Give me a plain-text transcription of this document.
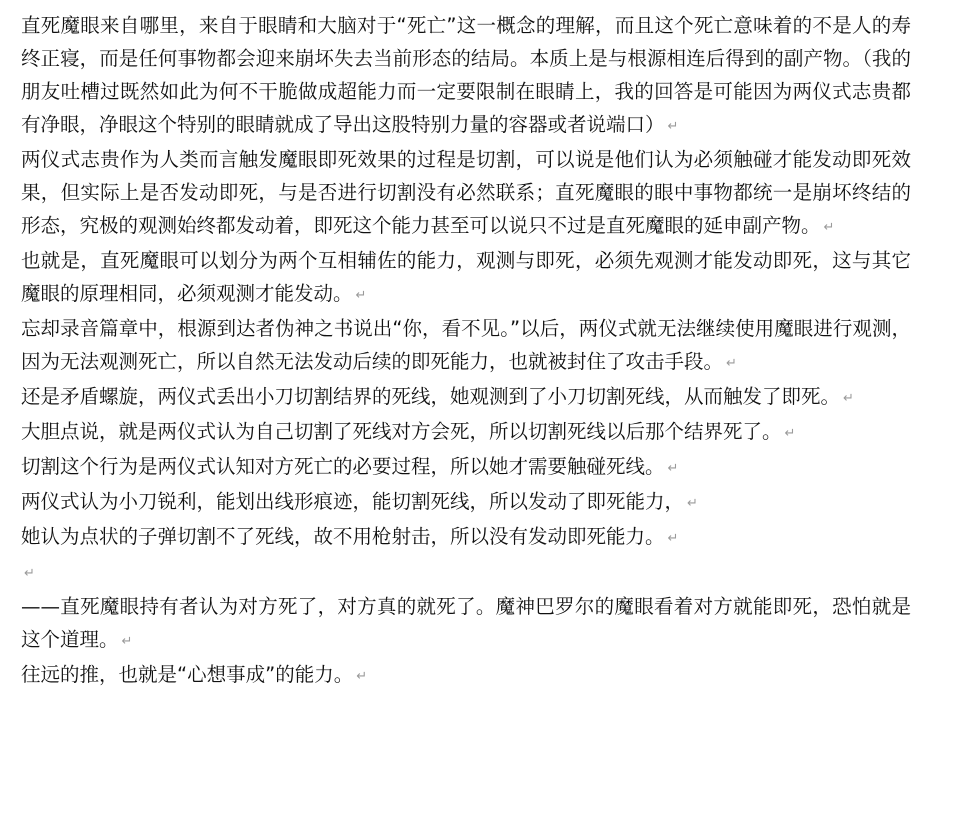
直死魔眼来自哪里，来自于眼睛和大脑对于“死亡”这一概念的理解，而且这个死亡意味着的不是人的寿终正寝，而是任何事物都会迎来崩坏失去当前形态的结局。本质上是与根源相连后得到的副产物。（我的朋友吐槽过既然如此为何不干脆做成超能力而一定要限制在眼睛上，我的回答是可能因为两仪式志贵都有净眼，净眼这个特别的眼睛就成了导出这股特别力量的容器或者说端口） ↵

两仪式志贵作为人类而言触发魔眼即死效果的过程是切割，可以说是他们认为必须触碰才能发动即死效果，但实际上是否发动即死，与是否进行切割没有必然联系；直死魔眼的眼中事物都统一是崩坏终结的形态，究极的观测始终都发动着，即死这个能力甚至可以说只不过是直死魔眼的延申副产物。 ↵

也就是，直死魔眼可以划分为两个互相辅佐的能力，观测与即死，必须先观测才能发动即死，这与其它魔眼的原理相同，必须观测才能发动。 ↵

忘却录音篇章中，根源到达者伪神之书说出“你，看不见。”以后，两仪式就无法继续使用魔眼进行观测，因为无法观测死亡，所以自然无法发动后续的即死能力，也就被封住了攻击手段。 ↵

还是矛盾螺旋，两仪式丢出小刀切割结界的死线，她观测到了小刀切割死线，从而触发了即死。 ↵

大胆点说，就是两仪式认为自己切割了死线对方会死，所以切割死线以后那个结界死了。 ↵

切割这个行为是两仪式认知对方死亡的必要过程，所以她才需要触碰死线。 ↵

两仪式认为小刀锐利，能划出线形痕迹，能切割死线，所以发动了即死能力， ↵

她认为点状的子弹切割不了死线，故不用枪射击，所以没有发动即死能力。 ↵

↵

——直死魔眼持有者认为对方死了，对方真的就死了。魔神巴罗尔的魔眼看着对方就能即死，恐怕就是这个道理。 ↵

往远的推，也就是“心想事成”的能力。 ↵
